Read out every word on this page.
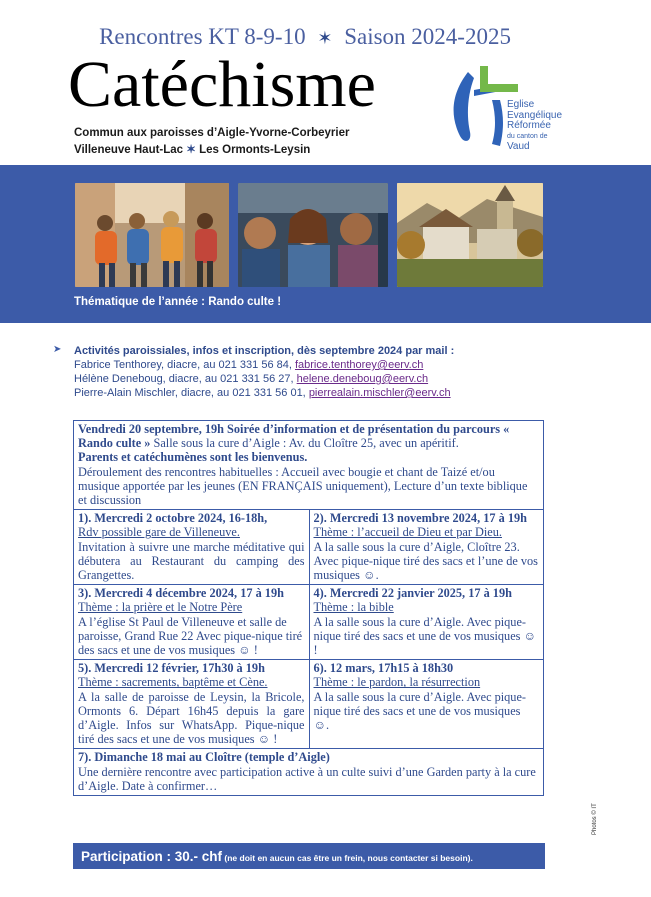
Rencontres KT 8-9-10 ✶ Saison 2024-2025
Catéchisme
Commun aux paroisses d’Aigle-Yvorne-Corbeyrier
Villeneuve Haut-Lac ✶ Les Ormonts-Leysin
Eglise
Evangélique
Réformée
du canton de
Vaud
Thématique de l’année : Rando culte !
➤ Activités paroissiales, infos et inscription, dès septembre 2024 par mail :
Fabrice Tenthorey, diacre, au 021 331 56 84, fabrice.tenthorey@eerv.ch
Hélène Deneboug, diacre, au 021 331 56 27, helene.deneboug@eerv.ch
Pierre-Alain Mischler, diacre, au 021 331 56 01, pierrealain.mischler@eerv.ch
Vendredi 20 septembre, 19h Soirée d’information et de présentation du parcours « Rando culte » Salle sous la cure d’Aigle : Av. du Cloître 25, avec un apéritif.
Parents et catéchumènes sont les bienvenus.
Déroulement des rencontres habituelles : Accueil avec bougie et chant de Taizé et/ou musique apportée par les jeunes (EN FRANÇAIS uniquement), Lecture d’un texte biblique et discussion
1). Mercredi 2 octobre 2024, 16-18h,
Rdv possible gare de Villeneuve.
Invitation à suivre une marche méditative qui débutera au Restaurant du camping des Grangettes.
2). Mercredi 13 novembre 2024, 17 à 19h
Thème : l’accueil de Dieu et par Dieu.
A la salle sous la cure d’Aigle, Cloître 23. Avec pique-nique tiré des sacs et l’une de vos musiques ☺.
3). Mercredi 4 décembre 2024, 17 à 19h
Thème : la prière et le Notre Père
A l’église St Paul de Villeneuve et salle de paroisse, Grand Rue 22 Avec pique-nique tiré des sacs et une de vos musiques ☺ !
4). Mercredi 22 janvier 2025, 17 à 19h
Thème : la bible
A la salle sous la cure d’Aigle. Avec pique-nique tiré des sacs et une de vos musiques ☺ !
5). Mercredi 12 février, 17h30 à 19h
Thème : sacrements, baptême et Cène.
A la salle de paroisse de Leysin, la Bricole, Ormonts 6. Départ 16h45 depuis la gare d’Aigle. Infos sur WhatsApp. Pique-nique tiré des sacs et une de vos musiques ☺ !
6). 12 mars, 17h15 à 18h30
Thème : le pardon, la résurrection
A la salle sous la cure d’Aigle. Avec pique-nique tiré des sacs et une de vos musiques ☺.
7). Dimanche 18 mai au Cloître (temple d’Aigle)
Une dernière rencontre avec participation active à un culte suivi d’une Garden party à la cure d’Aigle. Date à confirmer…
Participation : 30.- chf (ne doit en aucun cas être un frein, nous contacter si besoin).
Photos © IT
